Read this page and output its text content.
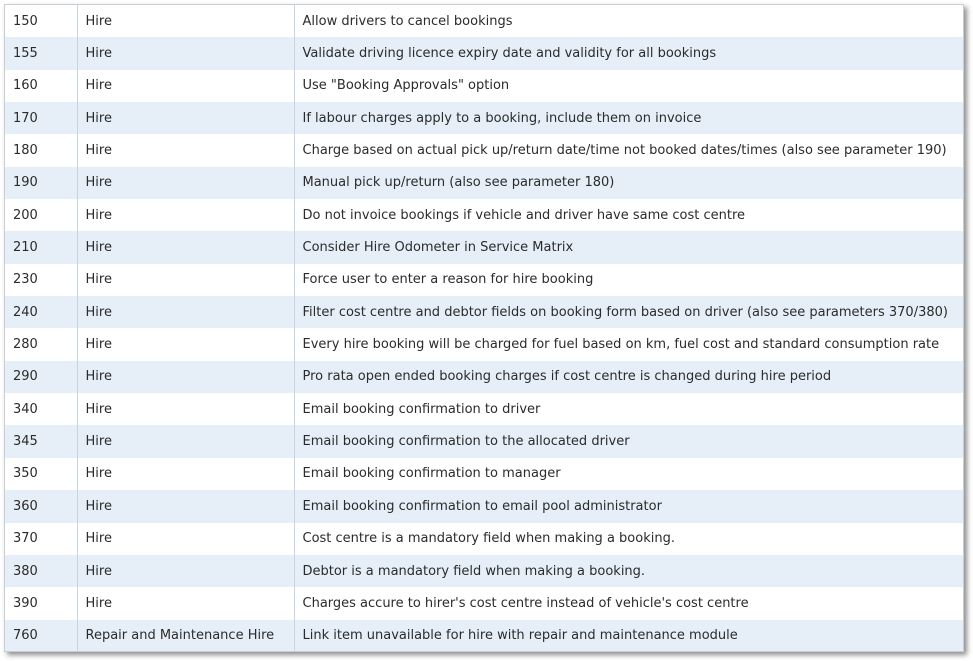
150	Hire	Allow drivers to cancel bookings
155	Hire	Validate driving licence expiry date and validity for all bookings
160	Hire	Use "Booking Approvals" option
170	Hire	If labour charges apply to a booking, include them on invoice
180	Hire	Charge based on actual pick up/return date/time not booked dates/times (also see parameter 190)
190	Hire	Manual pick up/return (also see parameter 180)
200	Hire	Do not invoice bookings if vehicle and driver have same cost centre
210	Hire	Consider Hire Odometer in Service Matrix
230	Hire	Force user to enter a reason for hire booking
240	Hire	Filter cost centre and debtor fields on booking form based on driver (also see parameters 370/380)
280	Hire	Every hire booking will be charged for fuel based on km, fuel cost and standard consumption rate
290	Hire	Pro rata open ended booking charges if cost centre is changed during hire period
340	Hire	Email booking confirmation to driver
345	Hire	Email booking confirmation to the allocated driver
350	Hire	Email booking confirmation to manager
360	Hire	Email booking confirmation to email pool administrator
370	Hire	Cost centre is a mandatory field when making a booking.
380	Hire	Debtor is a mandatory field when making a booking.
390	Hire	Charges accure to hirer's cost centre instead of vehicle's cost centre
760	Repair and Maintenance Hire	Link item unavailable for hire with repair and maintenance module
